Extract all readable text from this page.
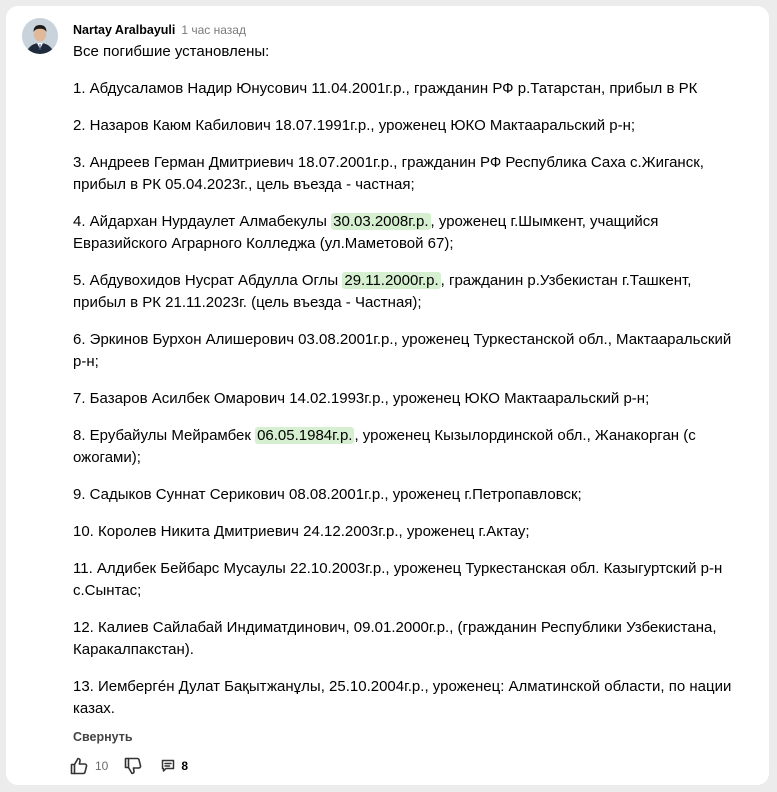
Nartay Aralbayuli 1 час назад

Все погибшие установлены:

1. Абдусаламов Надир Юнусович 11.04.2001г.р., гражданин РФ р.Татарстан, прибыл в РК

2. Назаров Каюм Кабилович 18.07.1991г.р., уроженец ЮКО Мактааральский р-н;

3. Андреев Герман Дмитриевич 18.07.2001г.р., гражданин РФ Республика Саха с.Жиганск, прибыл в РК 05.04.2023г., цель въезда - частная;

4. Айдархан Нурдаулет Алмабекулы 30.03.2008г.р. , уроженец г.Шымкент, учащийся Евразийского Аграрного Колледжа (ул.Маметовой 67);

5. Абдувохидов Нусрат Абдулла Оглы 29.11.2000г.р. , гражданин р.Узбекистан г.Ташкент, прибыл в РК 21.11.2023г. (цель въезда - Частная);

6. Эркинов Бурхон Алишерович 03.08.2001г.р., уроженец Туркестанской обл., Мактааральский р-н;

7. Базаров Асилбек Омарович 14.02.1993г.р., уроженец ЮКО Мактааральский р-н;

8. Ерубайулы Мейрамбек 06.05.1984г.р. , уроженец Кызылординской обл., Жанакорган (с ожогами);

9. Садыков Суннат Серикович 08.08.2001г.р., уроженец г.Петропавловск;

10. Королев Никита Дмитриевич 24.12.2003г.р., уроженец г.Актау;

11. Алдибек Бейбарс Мусаулы 22.10.2003г.р., уроженец Туркестанская обл. Казыгуртский р-н с.Сынтас;

12. Калиев Сайлабай Индиматдинович, 09.01.2000г.р., (гражданин Республики Узбекистана, Каракалпакстан).

13. Иембергéн Дулат Бақытжанұлы, 25.10.2004г.р., уроженец: Алматинской области, по нации казах.

Свернуть
10	8
